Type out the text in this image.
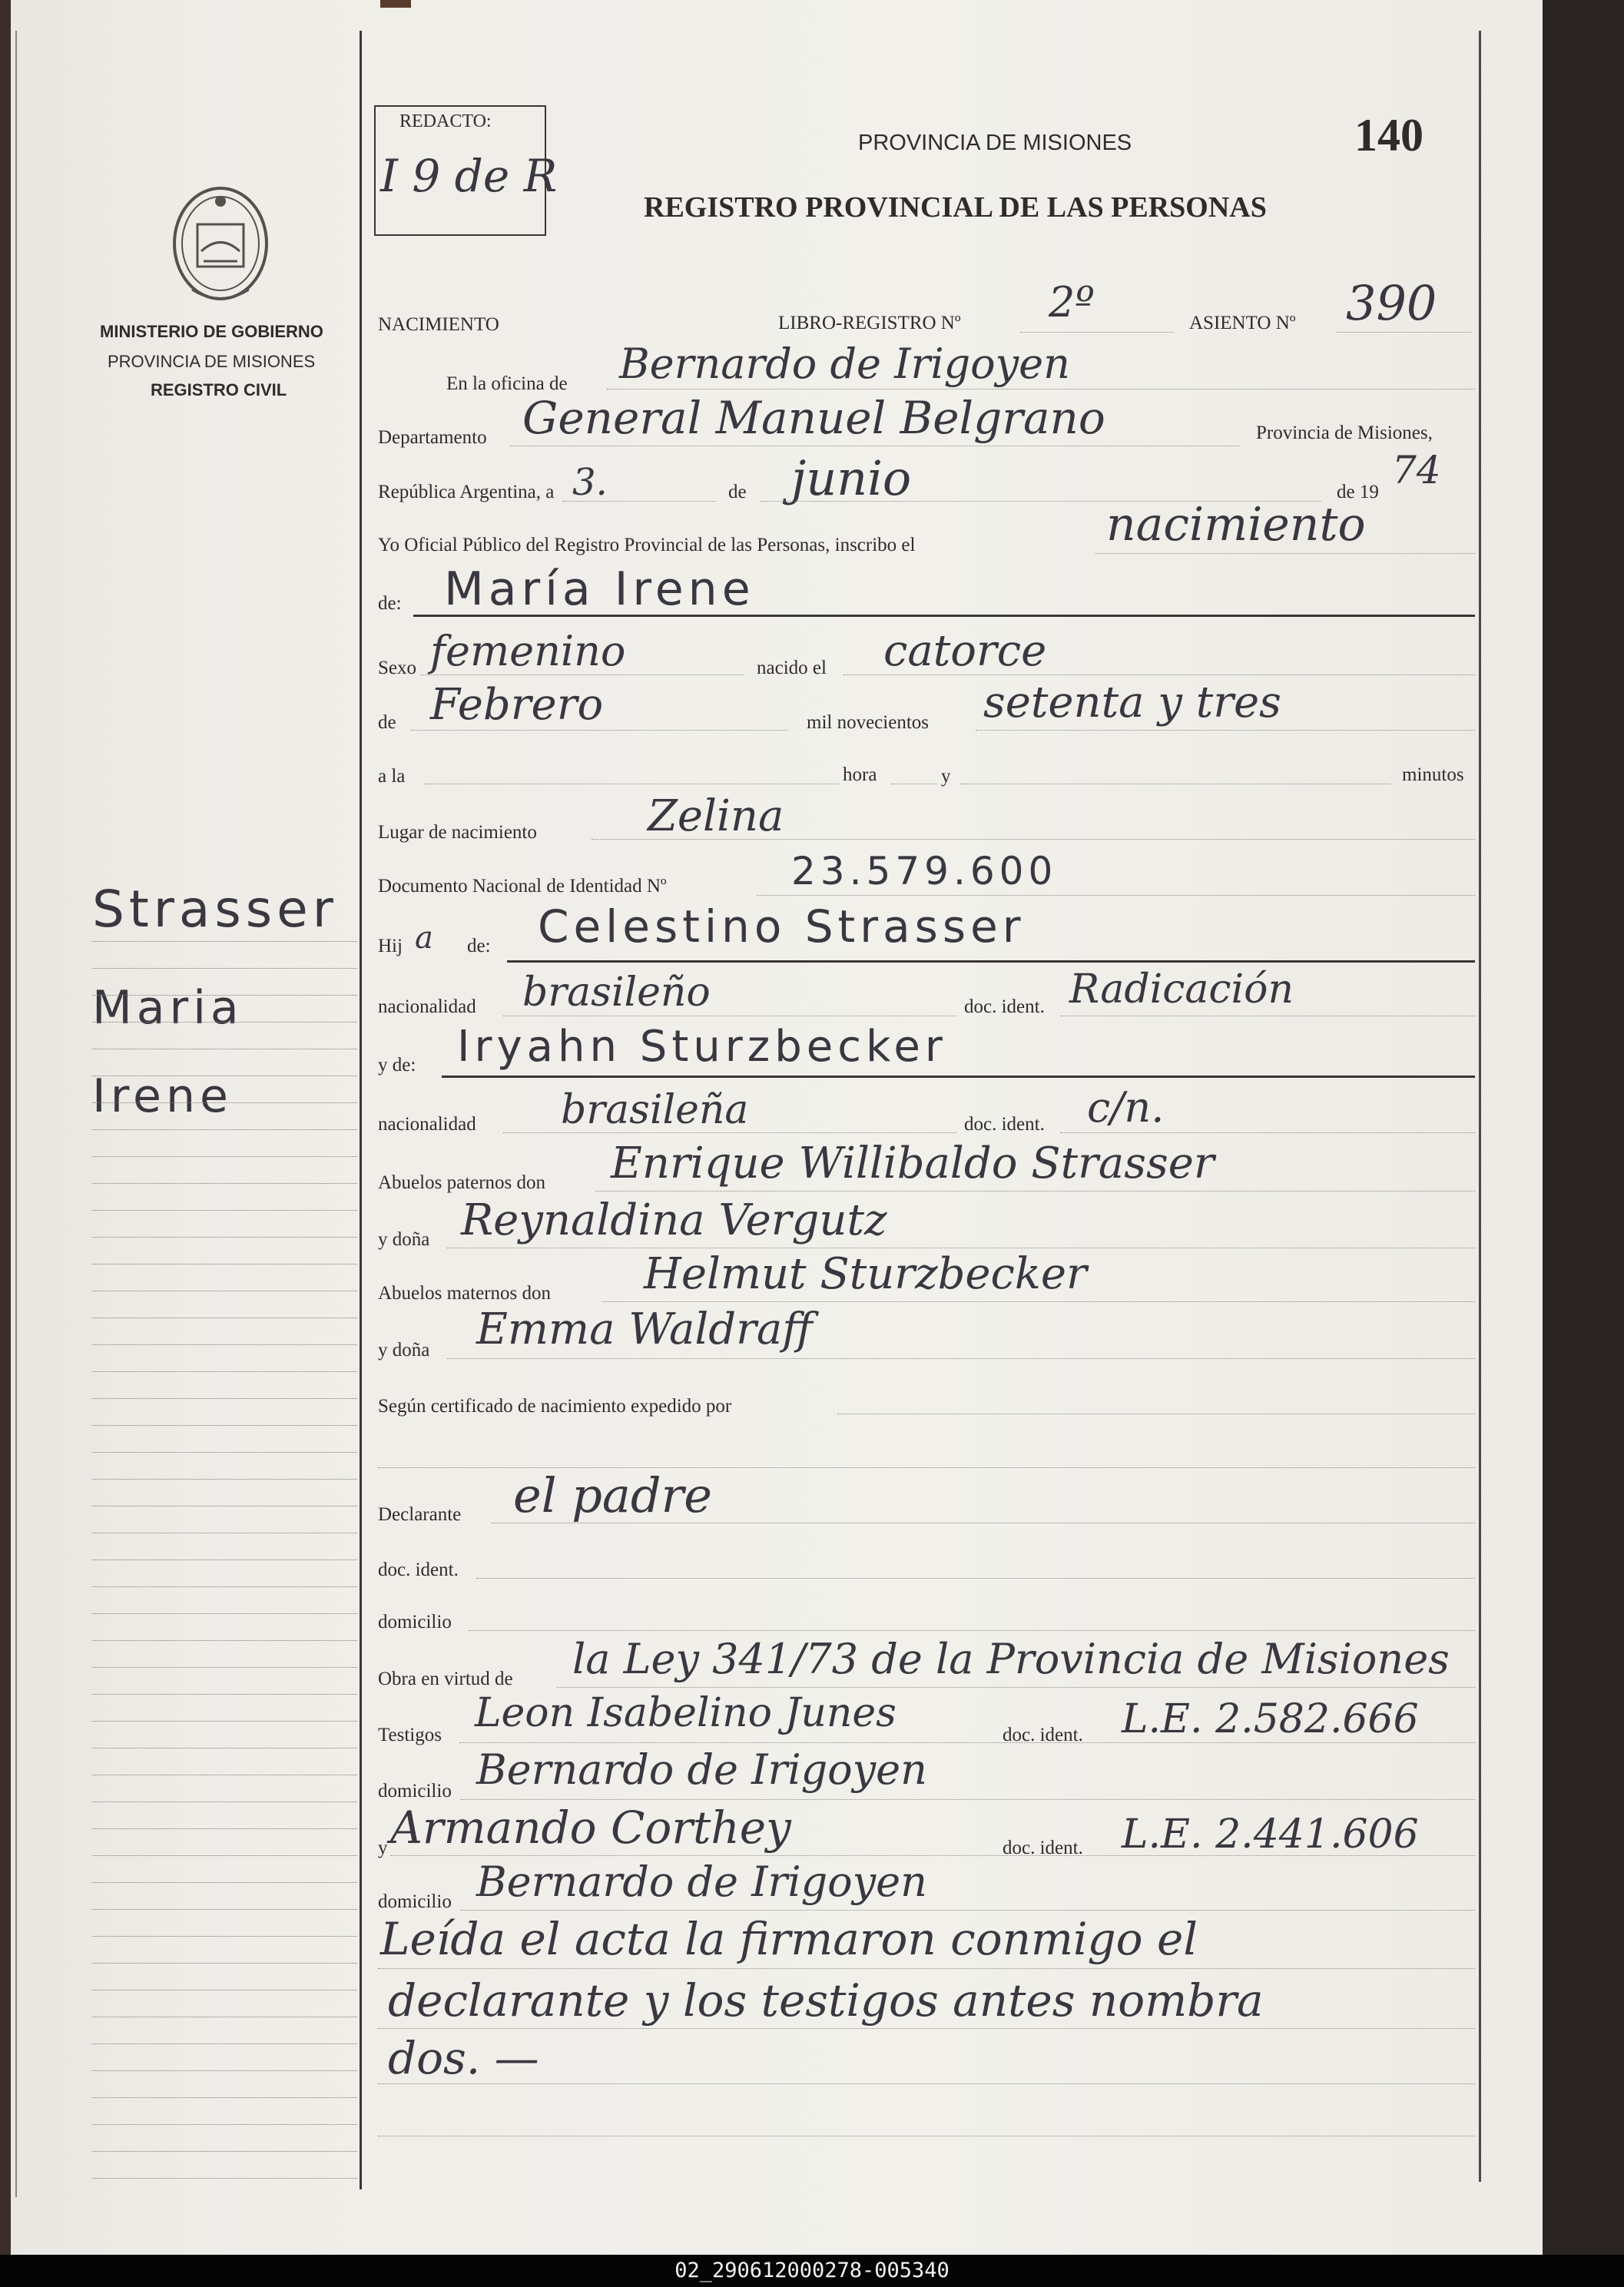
MINISTERIO DE GOBIERNO
PROVINCIA DE MISIONES
REGISTRO CIVIL
REDACTO:
I 9 de R
PROVINCIA DE MISIONES	140
REGISTRO PROVINCIAL DE LAS PERSONAS
Strasser
Maria
Irene
NACIMIENTO	LIBRO-REGISTRO Nº 2º	ASIENTO Nº 390
En la oficina de Bernardo de Irigoyen
Departamento General Manuel Belgrano	Provincia de Misiones,
República Argentina, a 3.	de junio	de 19 74
Yo Oficial Público del Registro Provincial de las Personas, inscribo el	nacimiento
de: María Irene
Sexo femenino	nacido el catorce
de Febrero	mil novecientos setenta y tres
a la	hora	y	minutos
Lugar de nacimiento	Zelina
Documento Nacional de Identidad Nº	23.579.600
Hij a de: Celestino Strasser
nacionalidad brasileño	doc. ident. Radicación
y de: Iryahn Sturzbecker
nacionalidad brasileña	doc. ident. c/n.
Abuelos paternos don Enrique Willibaldo Strasser
y doña Reynaldina Vergutz
Abuelos maternos don Helmut Sturzbecker
y doña Emma Waldraff
Según certificado de nacimiento expedido por
Declarante el padre
doc. ident.
domicilio
Obra en virtud de la Ley 341/73 de la Provincia de Misiones
Testigos Leon Isabelino Junes	doc. ident. L.E. 2.582.666
domicilio Bernardo de Irigoyen
y Armando Corthey	doc. ident. L.E. 2.441.606
domicilio Bernardo de Irigoyen
Leída el acta la firmaron conmigo el
declarante y los testigos antes nombra
dos. —
02_290612000278-005340
